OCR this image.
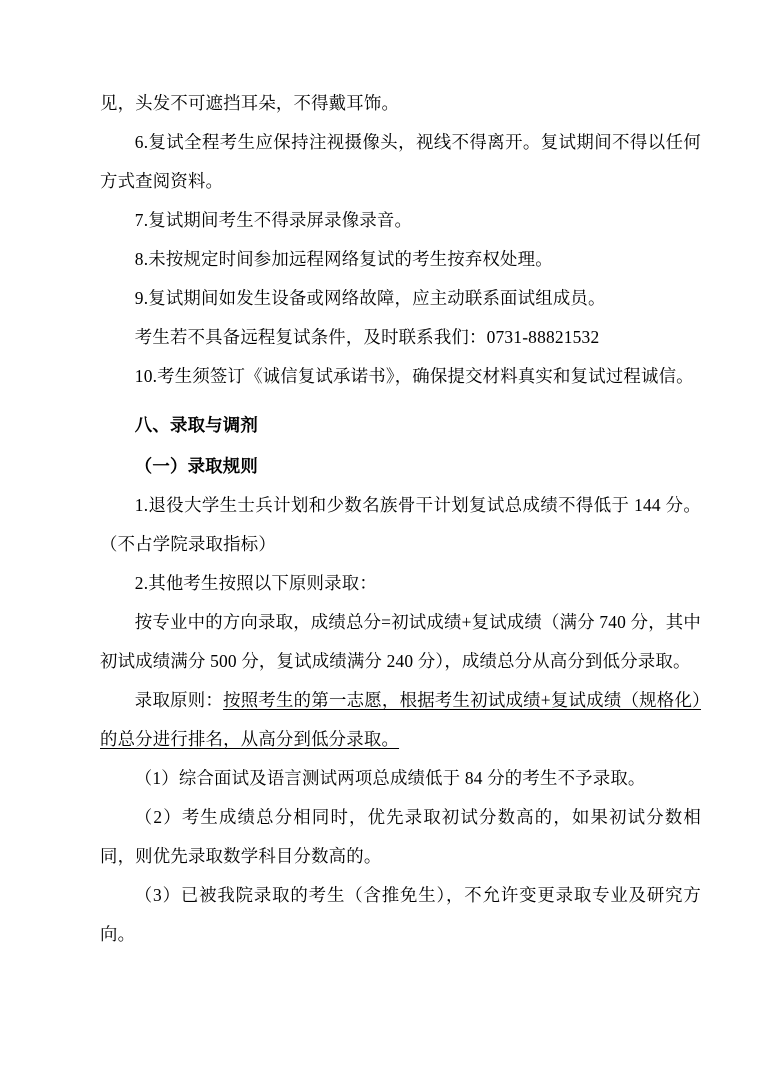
见，头发不可遮挡耳朵，不得戴耳饰。

6.复试全程考生应保持注视摄像头，视线不得离开。复试期间不得以任何方式查阅资料。

7.复试期间考生不得录屏录像录音。

8.未按规定时间参加远程网络复试的考生按弃权处理。

9.复试期间如发生设备或网络故障，应主动联系面试组成员。

考生若不具备远程复试条件，及时联系我们：0731-88821532

10.考生须签订《诚信复试承诺书》，确保提交材料真实和复试过程诚信。

八、录取与调剂

（一）录取规则

1.退役大学生士兵计划和少数名族骨干计划复试总成绩不得低于 144 分。（不占学院录取指标）

2.其他考生按照以下原则录取：

按专业中的方向录取，成绩总分=初试成绩+复试成绩（满分 740 分，其中初试成绩满分 500 分，复试成绩满分 240 分），成绩总分从高分到低分录取。

录取原则：按照考生的第一志愿，根据考生初试成绩+复试成绩（规格化）的总分进行排名，从高分到低分录取。

（1）综合面试及语言测试两项总成绩低于 84 分的考生不予录取。

（2）考生成绩总分相同时，优先录取初试分数高的，如果初试分数相同，则优先录取数学科目分数高的。

（3）已被我院录取的考生（含推免生），不允许变更录取专业及研究方向。
